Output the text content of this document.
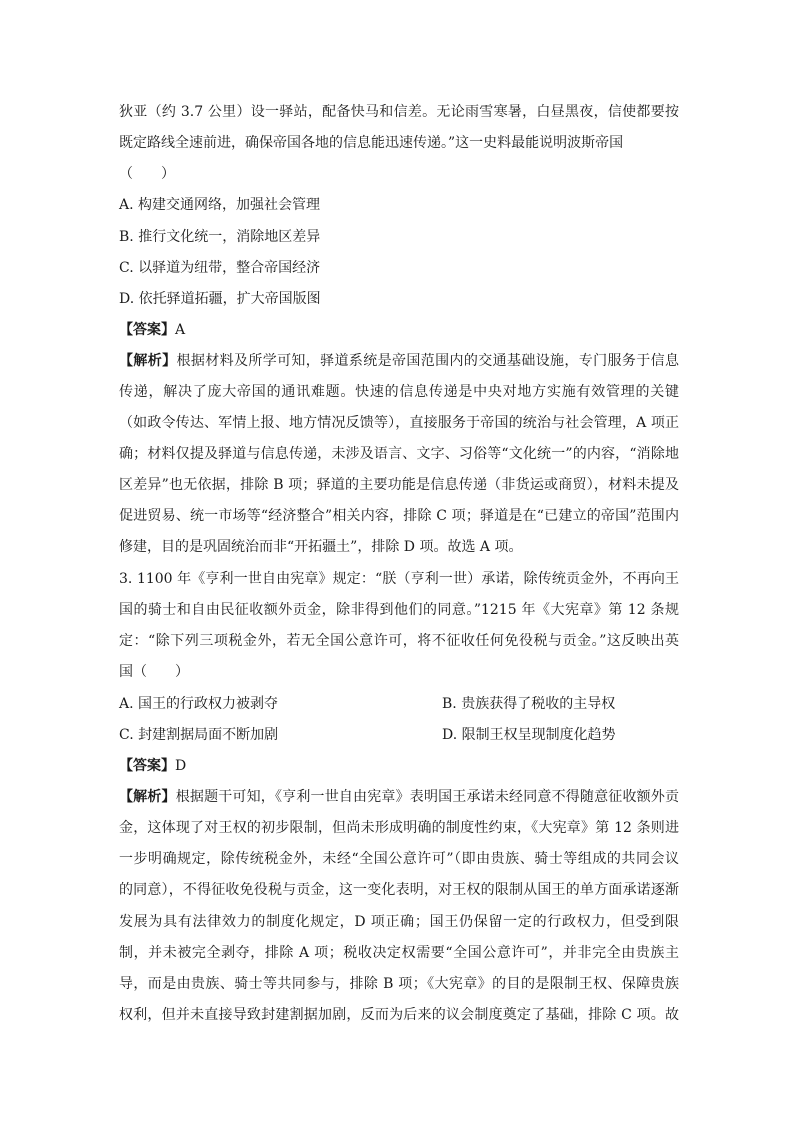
狄亚（约 3.7 公里）设一驿站，配备快马和信差。无论雨雪寒暑，白昼黑夜，信使都要按
既定路线全速前进，确保帝国各地的信息能迅速传递。”这一史料最能说明波斯帝国
（　　）
A. 构建交通网络，加强社会管理
B. 推行文化统一，消除地区差异
C. 以驿道为纽带，整合帝国经济
D. 依托驿道拓疆，扩大帝国版图
【答案】A
【解析】根据材料及所学可知，驿道系统是帝国范围内的交通基础设施，专门服务于信息
传递，解决了庞大帝国的通讯难题。快速的信息传递是中央对地方实施有效管理的关键
（如政令传达、军情上报、地方情况反馈等），直接服务于帝国的统治与社会管理，A 项正
确；材料仅提及驿道与信息传递，未涉及语言、文字、习俗等“文化统一”的内容，“消除地
区差异”也无依据，排除 B 项；驿道的主要功能是信息传递（非货运或商贸），材料未提及
促进贸易、统一市场等“经济整合”相关内容，排除 C 项；驿道是在“已建立的帝国”范围内
修建，目的是巩固统治而非“开拓疆土”，排除 D 项。故选 A 项。
3. 1100 年《亨利一世自由宪章》规定：“朕（亨利一世）承诺，除传统贡金外，不再向王
国的骑士和自由民征收额外贡金，除非得到他们的同意。”1215 年《大宪章》第 12 条规
定：“除下列三项税金外，若无全国公意许可，将不征收任何免役税与贡金。”这反映出英
国（　　）
A. 国王的行政权力被剥夺	B. 贵族获得了税收的主导权
C. 封建割据局面不断加剧	D. 限制王权呈现制度化趋势
【答案】D
【解析】根据题干可知，《亨利一世自由宪章》表明国王承诺未经同意不得随意征收额外贡
金，这体现了对王权的初步限制，但尚未形成明确的制度性约束，《大宪章》第 12 条则进
一步明确规定，除传统税金外，未经“全国公意许可”（即由贵族、骑士等组成的共同会议
的同意），不得征收免役税与贡金，这一变化表明，对王权的限制从国王的单方面承诺逐渐
发展为具有法律效力的制度化规定，D 项正确；国王仍保留一定的行政权力，但受到限
制，并未被完全剥夺，排除 A 项；税收决定权需要“全国公意许可”，并非完全由贵族主
导，而是由贵族、骑士等共同参与，排除 B 项；《大宪章》的目的是限制王权、保障贵族
权利，但并未直接导致封建割据加剧，反而为后来的议会制度奠定了基础，排除 C 项。故
